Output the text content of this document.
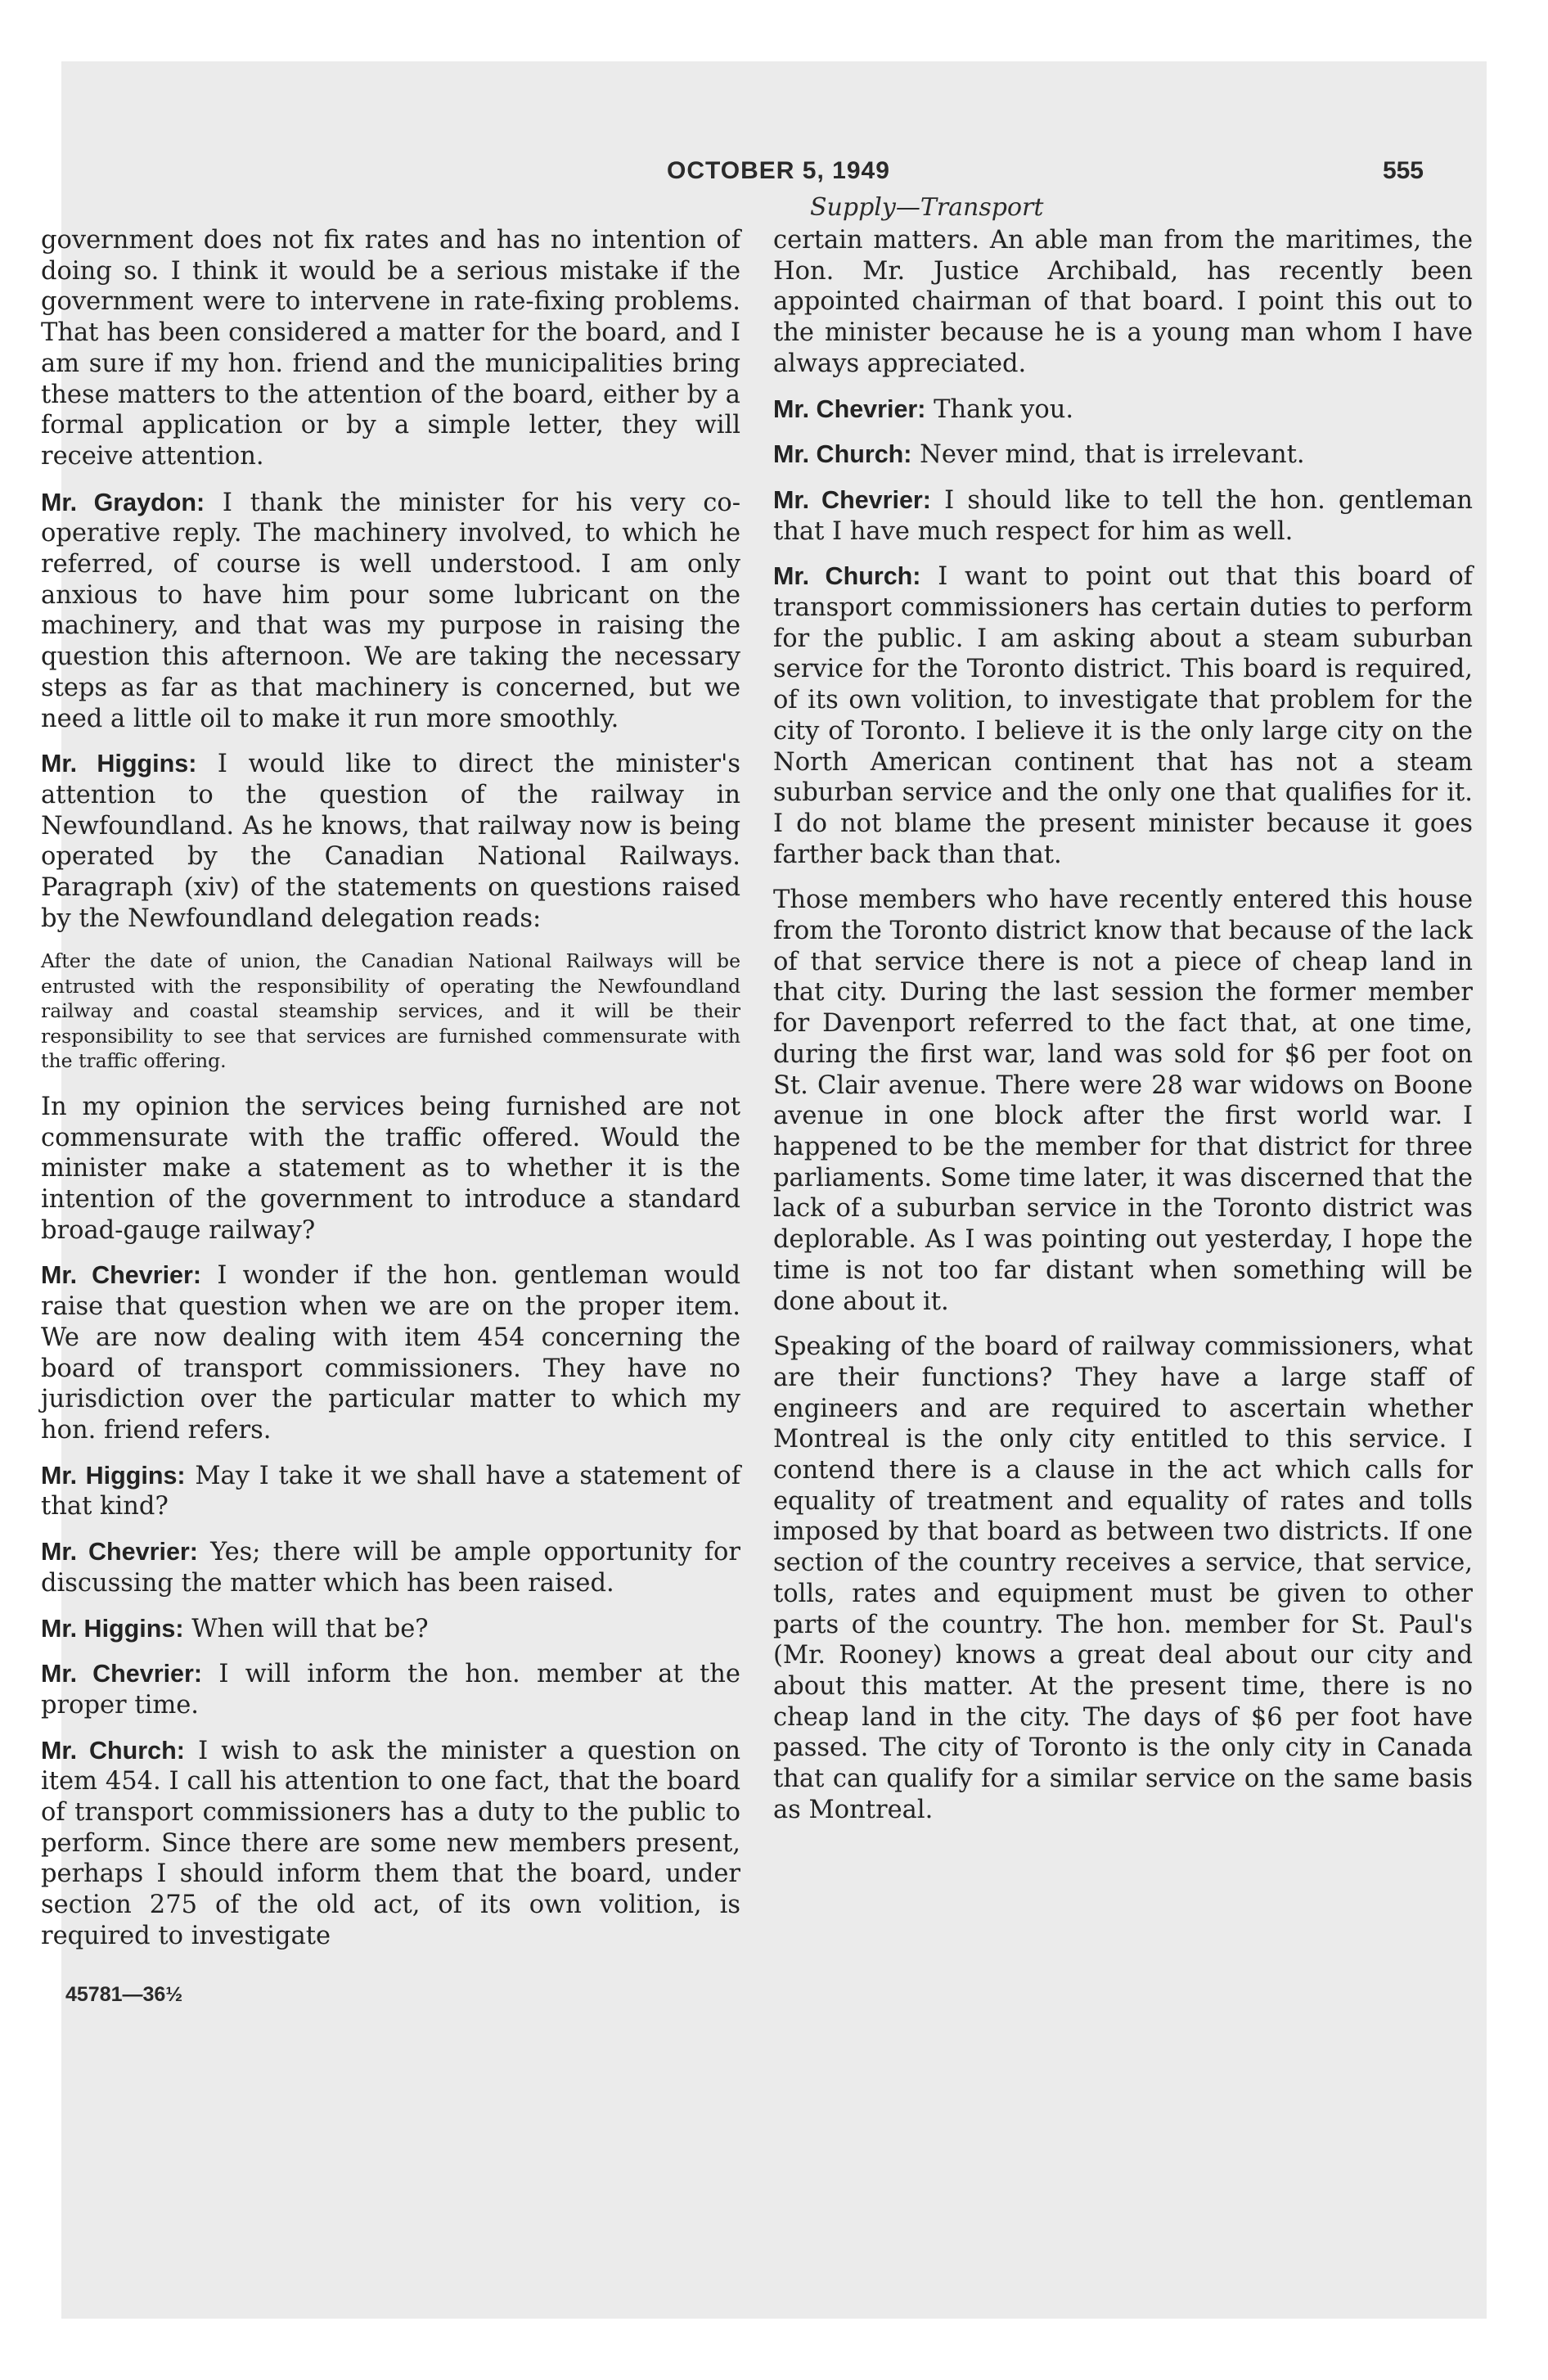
OCTOBER 5, 1949	555
Supply—Transport

government does not fix rates and has no intention of doing so. I think it would be a serious mistake if the government were to intervene in rate-fixing problems. That has been considered a matter for the board, and I am sure if my hon. friend and the municipalities bring these matters to the attention of the board, either by a formal application or by a simple letter, they will receive attention.

Mr. Graydon: I thank the minister for his very co-operative reply. The machinery involved, to which he referred, of course is well understood. I am only anxious to have him pour some lubricant on the machinery, and that was my purpose in raising the question this afternoon. We are taking the necessary steps as far as that machinery is concerned, but we need a little oil to make it run more smoothly.

Mr. Higgins: I would like to direct the minister's attention to the question of the railway in Newfoundland. As he knows, that railway now is being operated by the Canadian National Railways. Paragraph (xiv) of the statements on questions raised by the Newfoundland delegation reads:

After the date of union, the Canadian National Railways will be entrusted with the responsibility of operating the Newfoundland railway and coastal steamship services, and it will be their responsibility to see that services are furnished commensurate with the traffic offering.

In my opinion the services being furnished are not commensurate with the traffic offered. Would the minister make a statement as to whether it is the intention of the government to introduce a standard broad-gauge railway?

Mr. Chevrier: I wonder if the hon. gentleman would raise that question when we are on the proper item. We are now dealing with item 454 concerning the board of transport commissioners. They have no jurisdiction over the particular matter to which my hon. friend refers.

Mr. Higgins: May I take it we shall have a statement of that kind?

Mr. Chevrier: Yes; there will be ample opportunity for discussing the matter which has been raised.

Mr. Higgins: When will that be?

Mr. Chevrier: I will inform the hon. member at the proper time.

Mr. Church: I wish to ask the minister a question on item 454. I call his attention to one fact, that the board of transport commissioners has a duty to the public to perform. Since there are some new members present, perhaps I should inform them that the board, under section 275 of the old act, of its own volition, is required to investigate

45781—36½

certain matters. An able man from the maritimes, the Hon. Mr. Justice Archibald, has recently been appointed chairman of that board. I point this out to the minister because he is a young man whom I have always appreciated.

Mr. Chevrier: Thank you.

Mr. Church: Never mind, that is irrelevant.

Mr. Chevrier: I should like to tell the hon. gentleman that I have much respect for him as well.

Mr. Church: I want to point out that this board of transport commissioners has certain duties to perform for the public. I am asking about a steam suburban service for the Toronto district. This board is required, of its own volition, to investigate that problem for the city of Toronto. I believe it is the only large city on the North American continent that has not a steam suburban service and the only one that qualifies for it. I do not blame the present minister because it goes farther back than that.

Those members who have recently entered this house from the Toronto district know that because of the lack of that service there is not a piece of cheap land in that city. During the last session the former member for Davenport referred to the fact that, at one time, during the first war, land was sold for $6 per foot on St. Clair avenue. There were 28 war widows on Boone avenue in one block after the first world war. I happened to be the member for that district for three parliaments. Some time later, it was discerned that the lack of a suburban service in the Toronto district was deplorable. As I was pointing out yesterday, I hope the time is not too far distant when something will be done about it.

Speaking of the board of railway commissioners, what are their functions? They have a large staff of engineers and are required to ascertain whether Montreal is the only city entitled to this service. I contend there is a clause in the act which calls for equality of treatment and equality of rates and tolls imposed by that board as between two districts. If one section of the country receives a service, that service, tolls, rates and equipment must be given to other parts of the country. The hon. member for St. Paul's (Mr. Rooney) knows a great deal about our city and about this matter. At the present time, there is no cheap land in the city. The days of $6 per foot have passed. The city of Toronto is the only city in Canada that can qualify for a similar service on the same basis as Montreal.
